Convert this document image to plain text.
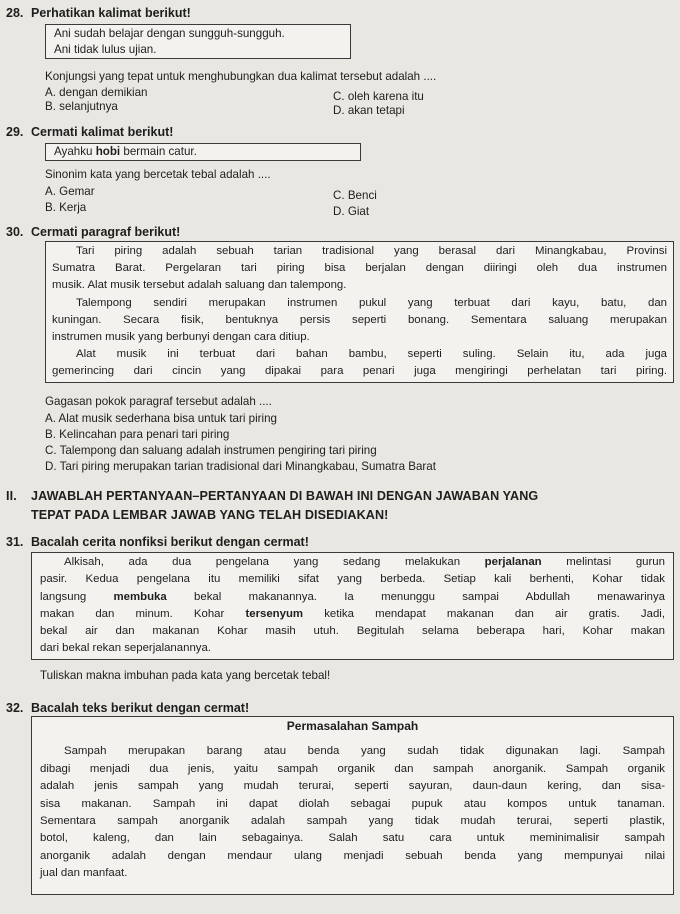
28. Perhatikan kalimat berikut!
Ani sudah belajar dengan sungguh-sungguh.
Ani tidak lulus ujian.
Konjungsi yang tepat untuk menghubungkan dua kalimat tersebut adalah ....
A. dengan demikian
B. selanjutnya
C. oleh karena itu
D. akan tetapi
29. Cermati kalimat berikut!
Ayahku hobi bermain catur.
Sinonim kata yang bercetak tebal adalah ....
A. Gemar
B. Kerja
C. Benci
D. Giat
30. Cermati paragraf berikut!
Tari piring adalah sebuah tarian tradisional yang berasal dari Minangkabau, Provinsi
Sumatra Barat. Pergelaran tari piring bisa berjalan dengan diiringi oleh dua instrumen
musik. Alat musik tersebut adalah saluang dan talempong.
Talempong sendiri merupakan instrumen pukul yang terbuat dari kayu, batu, dan
kuningan. Secara fisik, bentuknya persis seperti bonang. Sementara saluang merupakan
instrumen musik yang berbunyi dengan cara ditiup.
Alat musik ini terbuat dari bahan bambu, seperti suling. Selain itu, ada juga
gemerincing dari cincin yang dipakai para penari juga mengiringi perhelatan tari piring.
Gagasan pokok paragraf tersebut adalah ....
A. Alat musik sederhana bisa untuk tari piring
B. Kelincahan para penari tari piring
C. Talempong dan saluang adalah instrumen pengiring tari piring
D. Tari piring merupakan tarian tradisional dari Minangkabau, Sumatra Barat
II. JAWABLAH PERTANYAAN–PERTANYAAN DI BAWAH INI DENGAN JAWABAN YANG
TEPAT PADA LEMBAR JAWAB YANG TELAH DISEDIAKAN!
31. Bacalah cerita nonfiksi berikut dengan cermat!
Alkisah, ada dua pengelana yang sedang melakukan perjalanan melintasi gurun
pasir. Kedua pengelana itu memiliki sifat yang berbeda. Setiap kali berhenti, Kohar tidak
langsung membuka bekal makanannya. Ia menunggu sampai Abdullah menawarinya
makan dan minum. Kohar tersenyum ketika mendapat makanan dan air gratis. Jadi,
bekal air dan makanan Kohar masih utuh. Begitulah selama beberapa hari, Kohar makan
dari bekal rekan seperjalanannya.
Tuliskan makna imbuhan pada kata yang bercetak tebal!
32. Bacalah teks berikut dengan cermat!
Permasalahan Sampah
Sampah merupakan barang atau benda yang sudah tidak digunakan lagi. Sampah
dibagi menjadi dua jenis, yaitu sampah organik dan sampah anorganik. Sampah organik
adalah jenis sampah yang mudah terurai, seperti sayuran, daun-daun kering, dan sisa-
sisa makanan. Sampah ini dapat diolah sebagai pupuk atau kompos untuk tanaman.
Sementara sampah anorganik adalah sampah yang tidak mudah terurai, seperti plastik,
botol, kaleng, dan lain sebagainya. Salah satu cara untuk meminimalisir sampah
anorganik adalah dengan mendaur ulang menjadi sebuah benda yang mempunyai nilai
jual dan manfaat.
